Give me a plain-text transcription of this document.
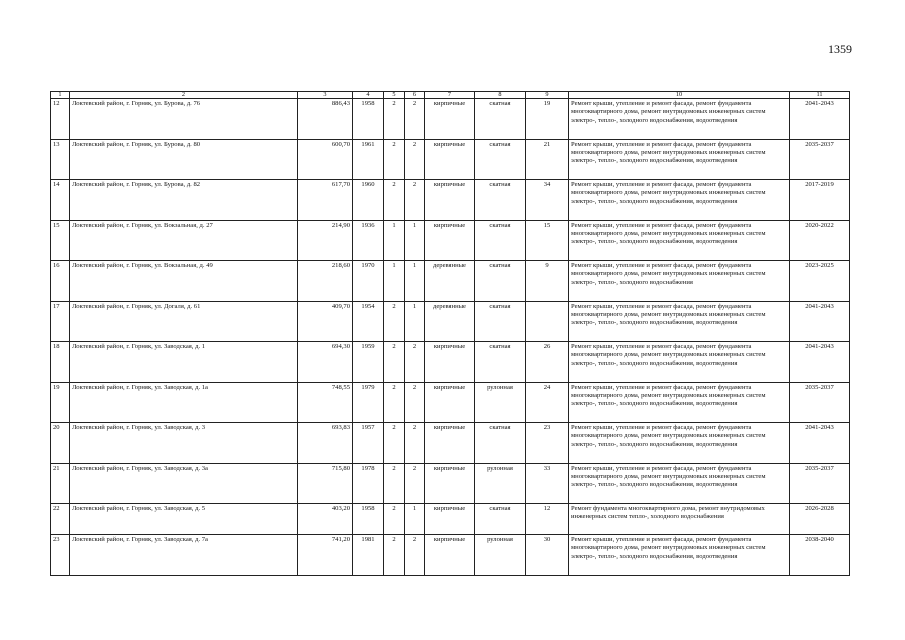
1359
1	2	3	4	5	6	7	8	9	10	11
12	Локтевский район, г. Горняк, ул. Бурова, д. 76	886,43	1958	2	2	кирпичные	скатная	19	Ремонт крыши, утепление и ремонт фасада, ремонт фундамента многоквартирного дома, ремонт внутридомовых инженерных систем электро-, тепло-, холодного водоснабжения, водоотведения	2041-2043
13	Локтевский район, г. Горняк, ул. Бурова, д. 80	600,70	1961	2	2	кирпичные	скатная	21	Ремонт крыши, утепление и ремонт фасада, ремонт фундамента многоквартирного дома, ремонт внутридомовых инженерных систем электро-, тепло-, холодного водоснабжения, водоотведения	2035-2037
14	Локтевский район, г. Горняк, ул. Бурова, д. 82	617,70	1960	2	2	кирпичные	скатная	34	Ремонт крыши, утепление и ремонт фасада, ремонт фундамента многоквартирного дома, ремонт внутридомовых инженерных систем электро-, тепло-, холодного водоснабжения, водоотведения	2017-2019
15	Локтевский район, г. Горняк, ул. Вокзальная, д. 27	214,90	1936	1	1	кирпичные	скатная	15	Ремонт крыши, утепление и ремонт фасада, ремонт фундамента многоквартирного дома, ремонт внутридомовых инженерных систем электро-, тепло-, холодного водоснабжения, водоотведения	2020-2022
16	Локтевский район, г. Горняк, ул. Вокзальная, д. 49	218,60	1970	1	1	деревянные	скатная	9	Ремонт крыши, утепление и ремонт фасада, ремонт фундамента многоквартирного дома, ремонт внутридомовых инженерных систем электро-, тепло-, холодного водоснабжения	2023-2025
17	Локтевский район, г. Горняк, ул. Догаля, д. 61	409,70	1954	2	1	деревянные	скатная		Ремонт крыши, утепление и ремонт фасада, ремонт фундамента многоквартирного дома, ремонт внутридомовых инженерных систем электро-, тепло-, холодного водоснабжения, водоотведения	2041-2043
18	Локтевский район, г. Горняк, ул. Заводская, д. 1	694,30	1959	2	2	кирпичные	скатная	26	Ремонт крыши, утепление и ремонт фасада, ремонт фундамента многоквартирного дома, ремонт внутридомовых инженерных систем электро-, тепло-, холодного водоснабжения, водоотведения	2041-2043
19	Локтевский район, г. Горняк, ул. Заводская, д. 1а	748,55	1979	2	2	кирпичные	рулонная	24	Ремонт крыши, утепление и ремонт фасада, ремонт фундамента многоквартирного дома, ремонт внутридомовых инженерных систем электро-, тепло-, холодного водоснабжения, водоотведения	2035-2037
20	Локтевский район, г. Горняк, ул. Заводская, д. 3	693,83	1957	2	2	кирпичные	скатная	23	Ремонт крыши, утепление и ремонт фасада, ремонт фундамента многоквартирного дома, ремонт внутридомовых инженерных систем электро-, тепло-, холодного водоснабжения, водоотведения	2041-2043
21	Локтевский район, г. Горняк, ул. Заводская, д. 3а	715,80	1978	2	2	кирпичные	рулонная	33	Ремонт крыши, утепление и ремонт фасада, ремонт фундамента многоквартирного дома, ремонт внутридомовых инженерных систем электро-, тепло-, холодного водоснабжения, водоотведения	2035-2037
22	Локтевский район, г. Горняк, ул. Заводская, д. 5	403,20	1958	2	1	кирпичные	скатная	12	Ремонт фундамента многоквартирного дома, ремонт внутридомовых инженерных систем тепло-, холодного водоснабжения	2026-2028
23	Локтевский район, г. Горняк, ул. Заводская, д. 7а	741,20	1981	2	2	кирпичные	рулонная	30	Ремонт крыши, утепление и ремонт фасада, ремонт фундамента многоквартирного дома, ремонт внутридомовых инженерных систем электро-, тепло-, холодного водоснабжения, водоотведения	2038-2040
